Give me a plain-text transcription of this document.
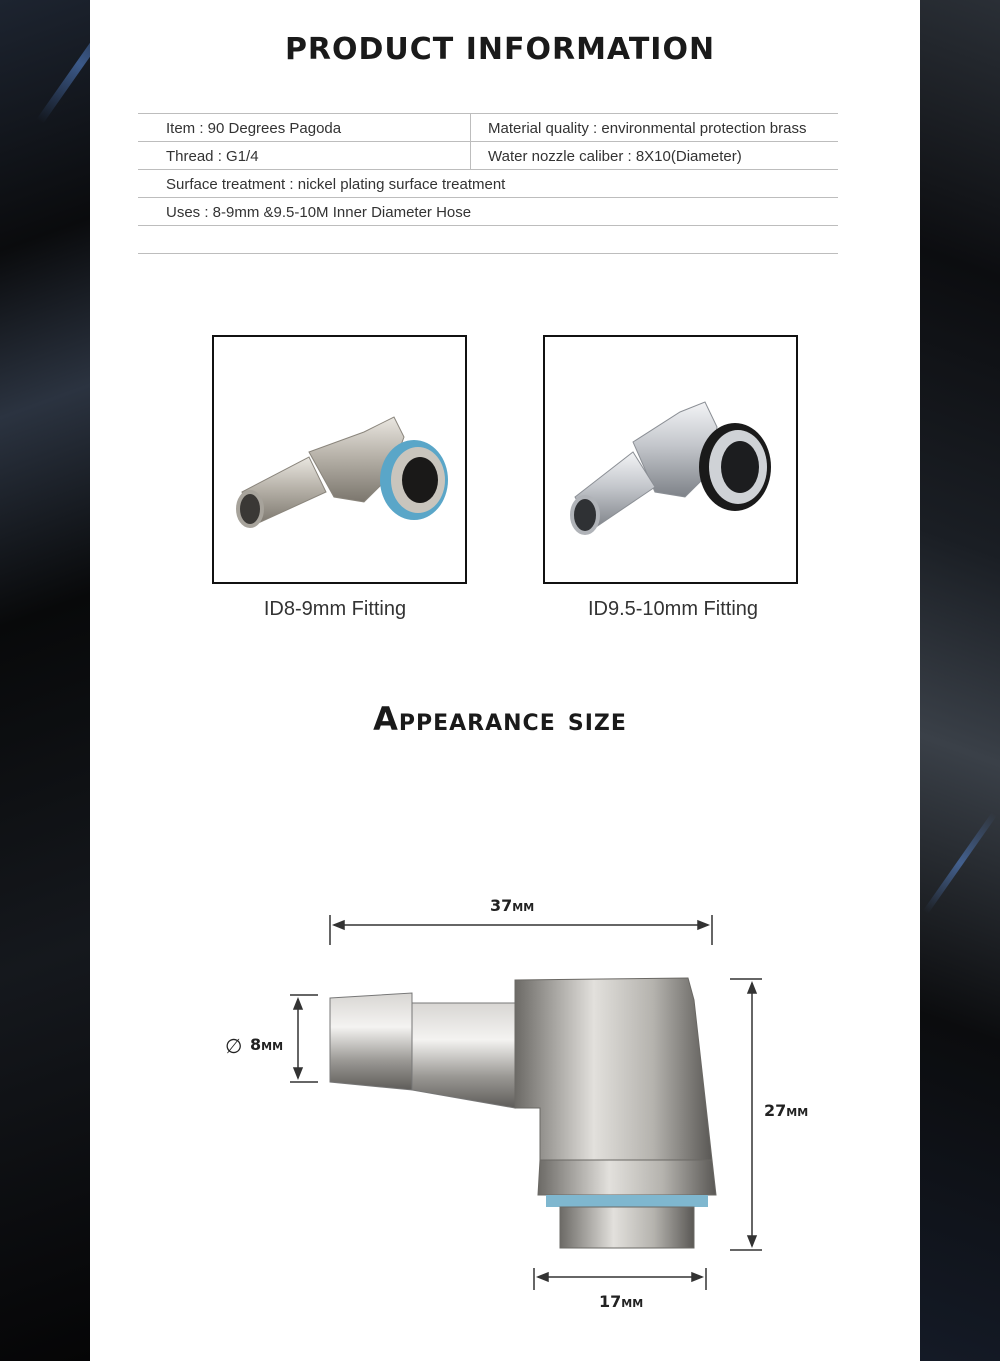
PRODUCT INFORMATION
Item : 90 Degrees Pagoda	Material quality : environmental protection brass
Thread : G1/4	Water nozzle caliber : 8X10(Diameter)
Surface treatment : nickel plating surface treatment
Uses : 8-9mm &9.5-10M Inner Diameter Hose
ID8-9mm Fitting	ID9.5-10mm Fitting
Appearance size
37mm
∅ 8mm
27mm
17mm
